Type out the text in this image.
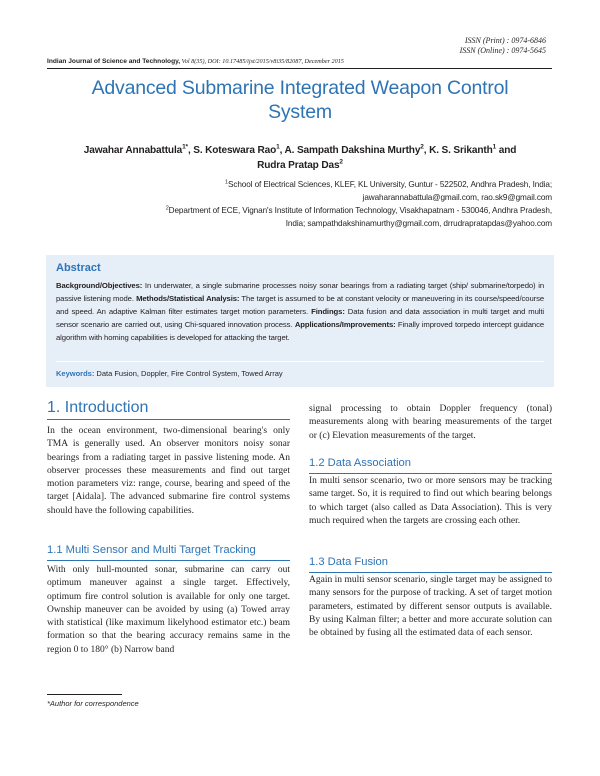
ISSN (Print) : 0974-6846
ISSN (Online) : 0974-5645
Indian Journal of Science and Technology, Vol 8(35), DOI: 10.17485/ijst/2015/v8i35/82087, December 2015
Advanced Submarine Integrated Weapon Control System
Jawahar Annabattula$^{1*}$, S. Koteswara Rao$^1$, A. Sampath Dakshina Murthy$^2$, K. S. Srikanth$^1$ and
Rudra Pratap Das$^2$
$^1$School of Electrical Sciences, KLEF, KL University, Guntur - 522502, Andhra Pradesh, India;
jawaharannabattula@gmail.com, rao.sk9@gmail.com
$^2$Department of ECE, Vignan's Institute of Information Technology, Visakhapatnam - 530046, Andhra Pradesh,
India; sampathdakshinamurthy@gmail.com, drrudrapratapdas@yahoo.com
Abstract
Background/Objectives: In underwater, a single submarine processes noisy sonar bearings from a radiating target (ship/ submarine/torpedo) in passive listening mode. Methods/Statistical Analysis: The target is assumed to be at constant velocity or maneuvering in its course/speed/course and speed. An adaptive Kalman filter estimates target motion parameters. Findings: Data fusion and data association in multi target and multi sensor scenario are carried out, using Chi-squared innovation process. Applications/Improvements: Finally improved torpedo intercept guidance algorithm with homing capabilities is developed for attacking the target.
Keywords: Data Fusion, Doppler, Fire Control System, Towed Array
1. Introduction
In the ocean environment, two-dimensional bearing's only TMA is generally used. An observer monitors noisy sonar bearings from a radiating target in passive listening mode. An observer processes these measurements and find out target motion parameters viz: range, course, bearing and speed of the target [Aidala]. The advanced submarine fire control systems should have the following capabilities.
1.1 Multi Sensor and Multi Target Tracking
With only hull-mounted sonar, submarine can carry out optimum maneuver against a single target. Effectively, optimum fire control solution is available for only one target. Ownship maneuver can be avoided by using (a) Towed array with statistical (like maximum likelyhood estimator etc.) beam formation so that the bearing accuracy remains same in the region 0 to 180° (b) Narrow band
signal processing to obtain Doppler frequency (tonal) measurements along with bearing measurements of the target or (c) Elevation measurements of the target.
1.2 Data Association
In multi sensor scenario, two or more sensors may be tracking same target. So, it is required to find out which bearing belongs to which target (also called as Data Association). This is very much required when the targets are crossing each other.
1.3 Data Fusion
Again in multi sensor scenario, single target may be assigned to many sensors for the purpose of tracking. A set of target motion parameters, estimated by different sensor outputs is available. By using Kalman filter; a better and more accurate solution can be obtained by fusing all the estimated data of each sensor.
*Author for correspondence
